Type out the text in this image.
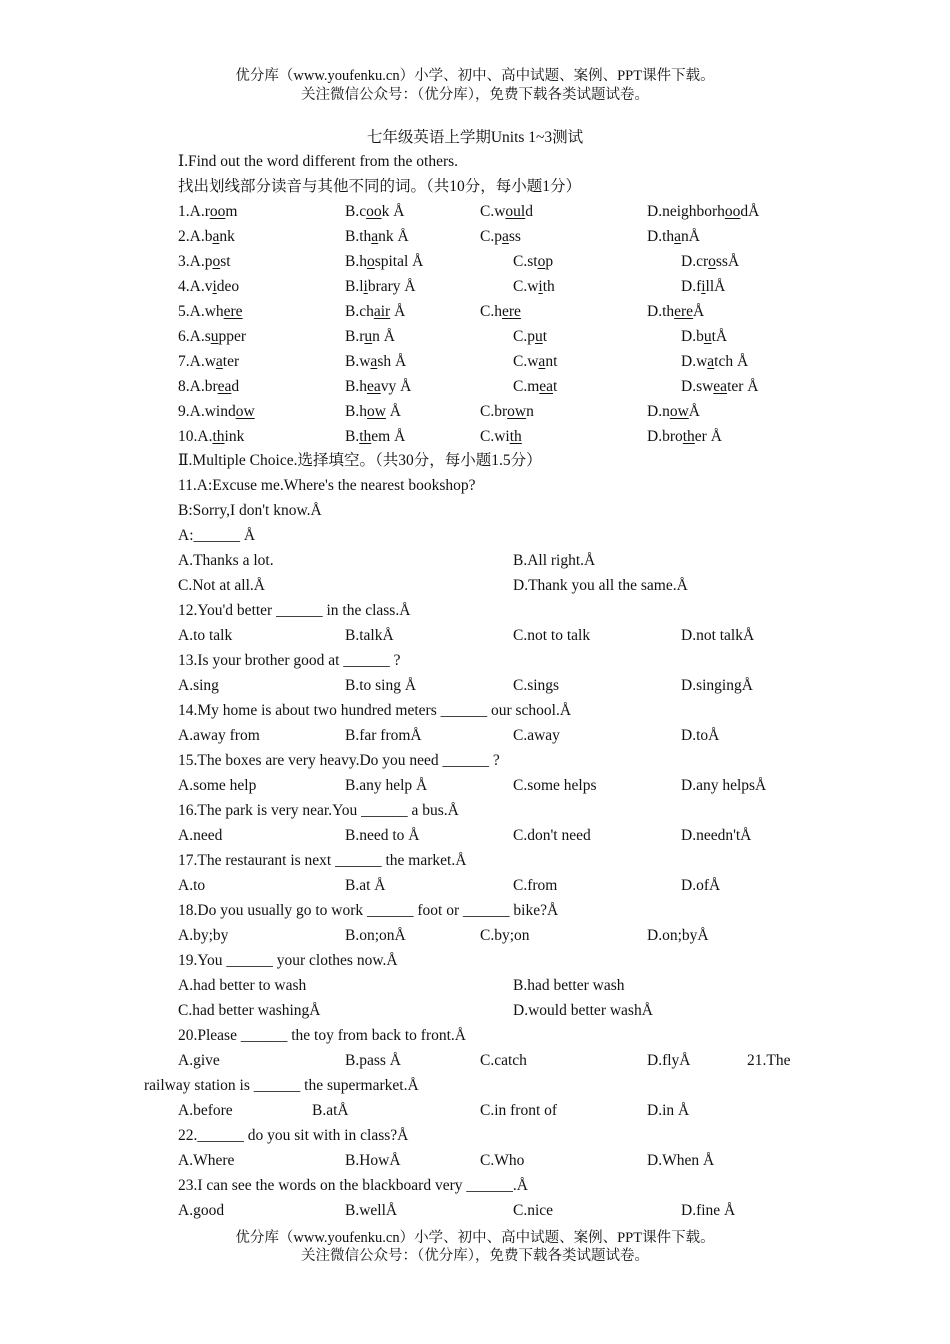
优分库（www.youfenku.cn）小学、初中、高中试题、案例、PPT课件下载。
关注微信公众号：（优分库），免费下载各类试题试卷。
七年级英语上学期Units 1~3测试
Ⅰ.Find out the word different from the others.
找出划线部分读音与其他不同的词。（共10分，每小题1分）
1.A.room	B.cook Å	C.would	D.neighborhoodÅ
2.A.bank	B.thank Å	C.pass	D.thanÅ
3.A.post	B.hospital Å	C.stop	D.crossÅ
4.A.video	B.library Å	C.with	D.fillÅ
5.A.where	B.chair Å	C.here	D.thereÅ
6.A.supper	B.run Å	C.put	D.butÅ
7.A.water	B.wash Å	C.want	D.watch Å
8.A.bread	B.heavy Å	C.meat	D.sweater Å
9.A.window	B.how Å	C.brown	D.nowÅ
10.A.think	B.them Å	C.with	D.brother Å
Ⅱ.Multiple Choice.选择填空。（共30分，每小题1.5分）
11.A:Excuse me.Where's the nearest bookshop?
B:Sorry,I don't know.Å
A:______ Å
A.Thanks a lot.	B.All right.Å
C.Not at all.Å	D.Thank you all the same.Å
12.You'd better ______ in the class.Å
A.to talk	B.talkÅ	C.not to talk	D.not talkÅ
13.Is your brother good at ______ ?
A.sing	B.to sing Å	C.sings	D.singingÅ
14.My home is about two hundred meters ______ our school.Å
A.away from	B.far fromÅ	C.away	D.toÅ
15.The boxes are very heavy.Do you need ______ ?
A.some help	B.any help Å	C.some helps	D.any helpsÅ
16.The park is very near.You ______ a bus.Å
A.need	B.need to Å	C.don't need	D.needn'tÅ
17.The restaurant is next ______ the market.Å
A.to	B.at Å	C.from	D.ofÅ
18.Do you usually go to work ______ foot or ______ bike?Å
A.by;by	B.on;onÅ	C.by;on	D.on;byÅ
19.You ______ your clothes now.Å
A.had better to wash	B.had better wash
C.had better washingÅ	D.would better washÅ
20.Please ______ the toy from back to front.Å
A.give	B.pass Å	C.catch	D.flyÅ	21.The
railway station is ______ the supermarket.Å
A.before	B.atÅ	C.in front of	D.in Å
22.______ do you sit with in class?Å
A.Where	B.HowÅ	C.Who	D.When Å
23.I can see the words on the blackboard very ______.Å
A.good	B.wellÅ	C.nice	D.fine Å
优分库（www.youfenku.cn）小学、初中、高中试题、案例、PPT课件下载。
关注微信公众号：（优分库），免费下载各类试题试卷。
